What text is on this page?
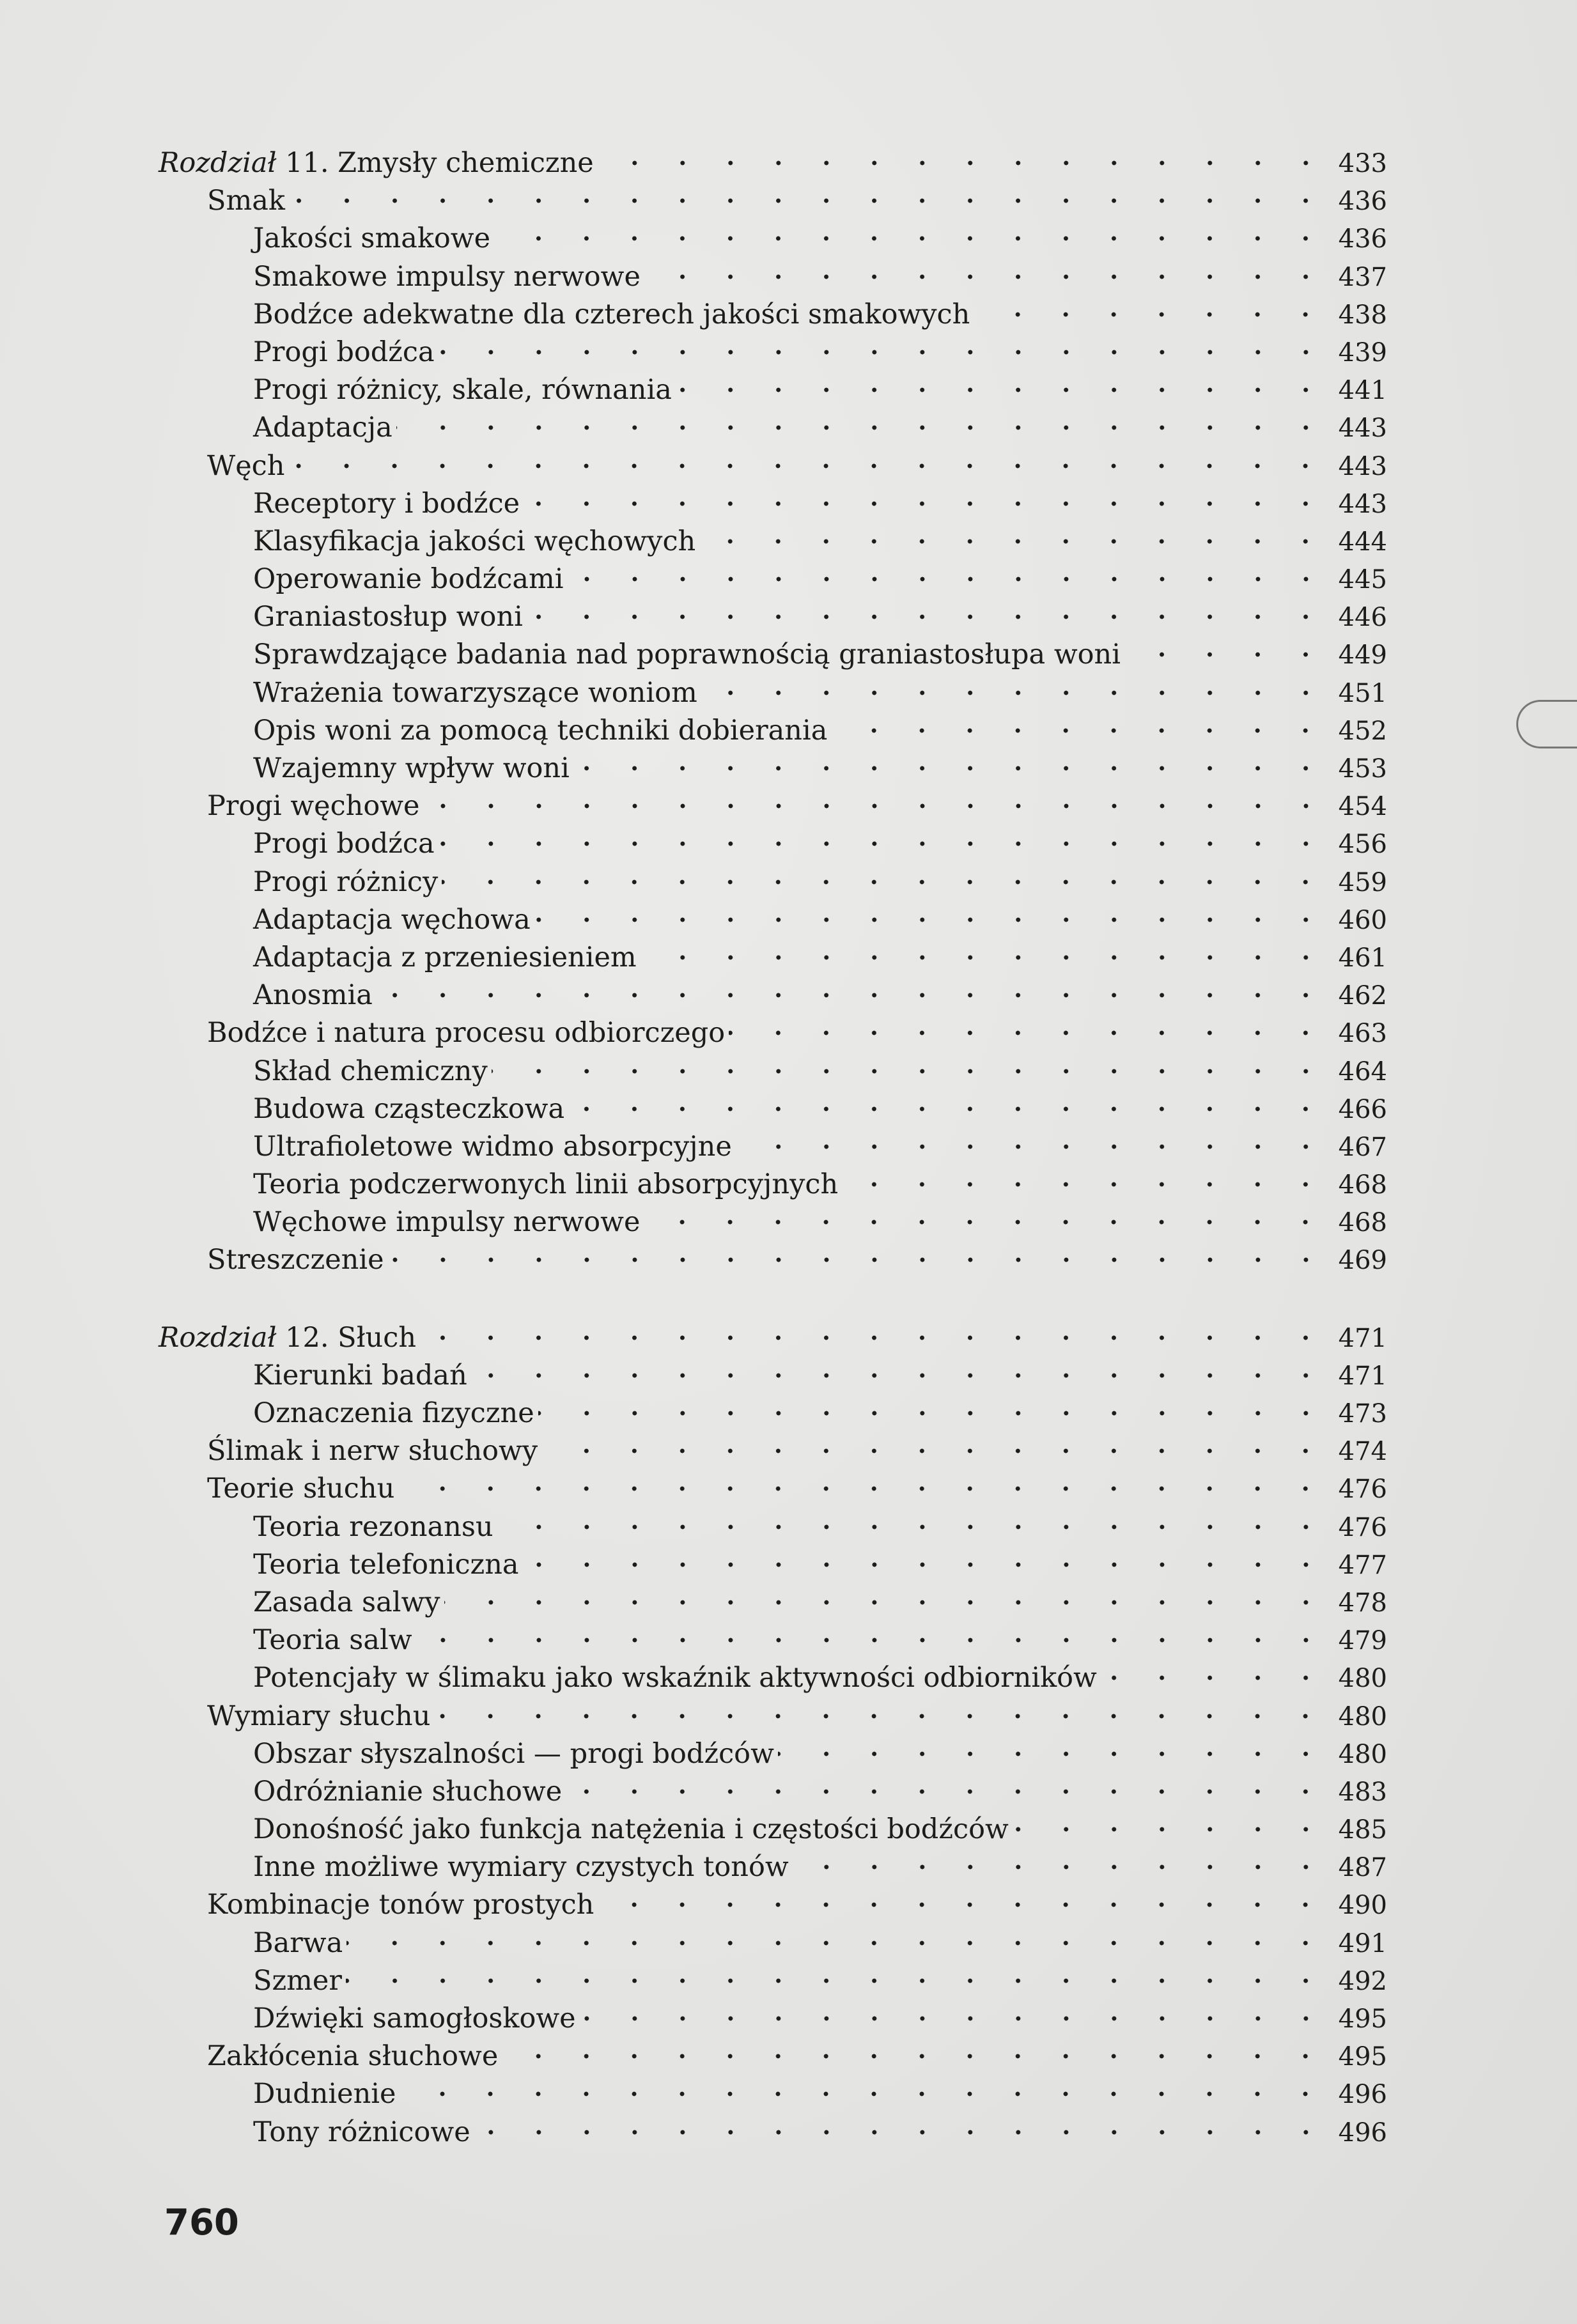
Rozdział 11. Zmysły chemiczne	433
Smak	436
Jakości smakowe	436
Smakowe impulsy nerwowe	437
Bodźce adekwatne dla czterech jakości smakowych	438
Progi bodźca	439
Progi różnicy, skale, równania	441
Adaptacja	443
Węch	443
Receptory i bodźce	443
Klasyfikacja jakości węchowych	444
Operowanie bodźcami	445
Graniastosłup woni	446
Sprawdzające badania nad poprawnością graniastosłupa woni	449
Wrażenia towarzyszące woniom	451
Opis woni za pomocą techniki dobierania	452
Wzajemny wpływ woni	453
Progi węchowe	454
Progi bodźca	456
Progi różnicy	459
Adaptacja węchowa	460
Adaptacja z przeniesieniem	461
Anosmia	462
Bodźce i natura procesu odbiorczego	463
Skład chemiczny	464
Budowa cząsteczkowa	466
Ultrafioletowe widmo absorpcyjne	467
Teoria podczerwonych linii absorpcyjnych	468
Węchowe impulsy nerwowe	468
Streszczenie	469
Rozdział 12. Słuch	471
Kierunki badań	471
Oznaczenia fizyczne	473
Ślimak i nerw słuchowy	474
Teorie słuchu	476
Teoria rezonansu	476
Teoria telefoniczna	477
Zasada salwy	478
Teoria salw	479
Potencjały w ślimaku jako wskaźnik aktywności odbiorników	480
Wymiary słuchu	480
Obszar słyszalności — progi bodźców	480
Odróżnianie słuchowe	483
Donośność jako funkcja natężenia i częstości bodźców	485
Inne możliwe wymiary czystych tonów	487
Kombinacje tonów prostych	490
Barwa	491
Szmer	492
Dźwięki samogłoskowe	495
Zakłócenia słuchowe	495
Dudnienie	496
Tony różnicowe	496
760
